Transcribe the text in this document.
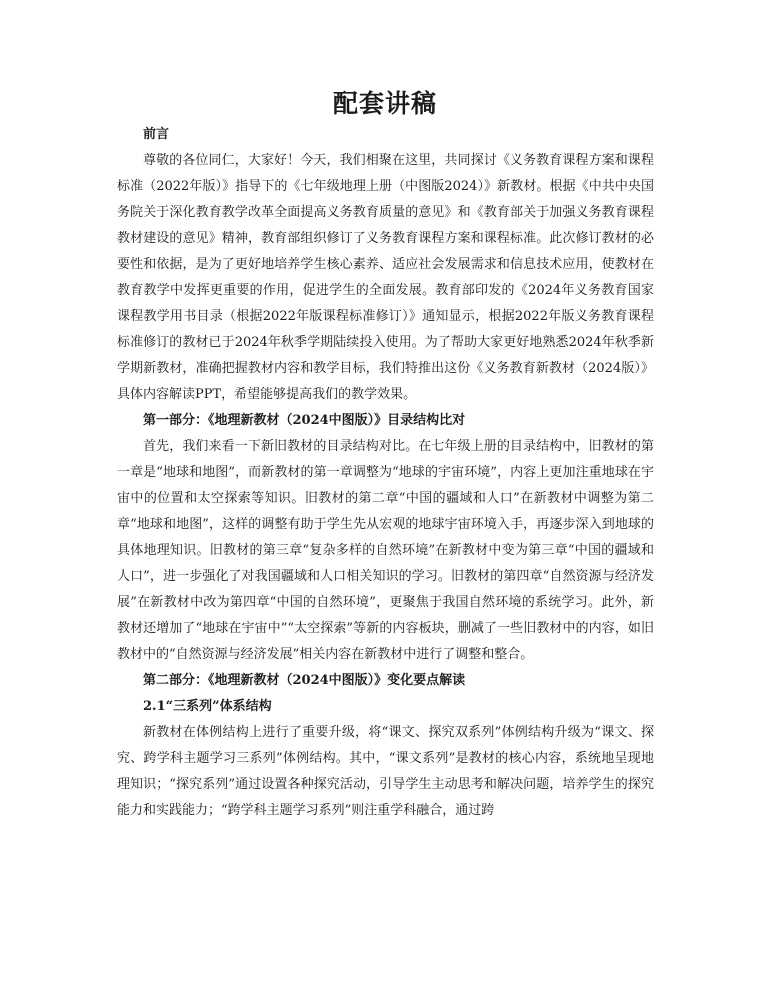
配套讲稿

前言

尊敬的各位同仁，大家好！今天，我们相聚在这里，共同探讨《义务教育课程方案和课程标准（2022年版）》指导下的《七年级地理上册（中图版2024）》新教材。根据《中共中央国务院关于深化教育教学改革全面提高义务教育质量的意见》和《教育部关于加强义务教育课程教材建设的意见》精神，教育部组织修订了义务教育课程方案和课程标准。此次修订教材的必要性和依据，是为了更好地培养学生核心素养、适应社会发展需求和信息技术应用，使教材在教育教学中发挥更重要的作用，促进学生的全面发展。教育部印发的《2024年义务教育国家课程教学用书目录（根据2022年版课程标准修订）》通知显示，根据2022年版义务教育课程标准修订的教材已于2024年秋季学期陆续投入使用。为了帮助大家更好地熟悉2024年秋季新学期新教材，准确把握教材内容和教学目标，我们特推出这份《义务教育新教材（2024版）》具体内容解读PPT，希望能够提高我们的教学效果。

第一部分：《地理新教材（2024中图版）》目录结构比对

首先，我们来看一下新旧教材的目录结构对比。在七年级上册的目录结构中，旧教材的第一章是“地球和地图”，而新教材的第一章调整为“地球的宇宙环境”，内容上更加注重地球在宇宙中的位置和太空探索等知识。旧教材的第二章“中国的疆域和人口”在新教材中调整为第二章“地球和地图”，这样的调整有助于学生先从宏观的地球宇宙环境入手，再逐步深入到地球的具体地理知识。旧教材的第三章“复杂多样的自然环境”在新教材中变为第三章“中国的疆域和人口”，进一步强化了对我国疆域和人口相关知识的学习。旧教材的第四章“自然资源与经济发展”在新教材中改为第四章“中国的自然环境”，更聚焦于我国自然环境的系统学习。此外，新教材还增加了“地球在宇宙中”“太空探索”等新的内容板块，删减了一些旧教材中的内容，如旧教材中的“自然资源与经济发展”相关内容在新教材中进行了调整和整合。

第二部分：《地理新教材（2024中图版）》变化要点解读

2.1“三系列”体系结构

新教材在体例结构上进行了重要升级，将“课文、探究双系列”体例结构升级为“课文、探究、跨学科主题学习三系列”体例结构。其中，“课文系列”是教材的核心内容，系统地呈现地理知识；“探究系列”通过设置各种探究活动，引导学生主动思考和解决问题，培养学生的探究能力和实践能力；“跨学科主题学习系列”则注重学科融合，通过跨
